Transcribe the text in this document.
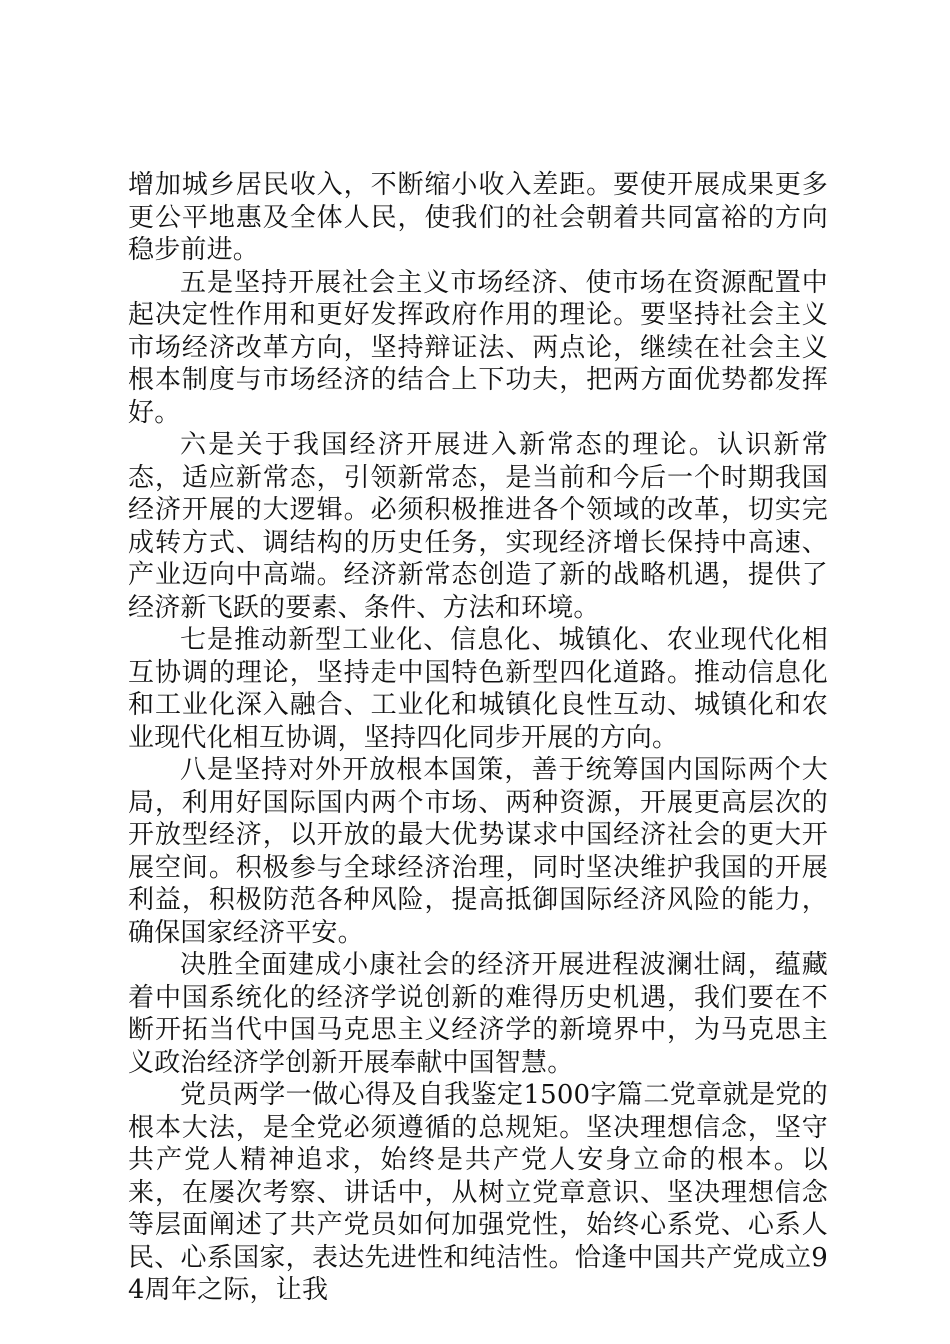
增加城乡居民收入，不断缩小收入差距。要使开展成果更多更公平地惠及全体人民，使我们的社会朝着共同富裕的方向稳步前进。

五是坚持开展社会主义市场经济、使市场在资源配置中起决定性作用和更好发挥政府作用的理论。要坚持社会主义市场经济改革方向，坚持辩证法、两点论，继续在社会主义根本制度与市场经济的结合上下功夫，把两方面优势都发挥好。

六是关于我国经济开展进入新常态的理论。认识新常态，适应新常态，引领新常态，是当前和今后一个时期我国经济开展的大逻辑。必须积极推进各个领域的改革，切实完成转方式、调结构的历史任务，实现经济增长保持中高速、产业迈向中高端。经济新常态创造了新的战略机遇，提供了经济新飞跃的要素、条件、方法和环境。

七是推动新型工业化、信息化、城镇化、农业现代化相互协调的理论，坚持走中国特色新型四化道路。推动信息化和工业化深入融合、工业化和城镇化良性互动、城镇化和农业现代化相互协调，坚持四化同步开展的方向。

八是坚持对外开放根本国策，善于统筹国内国际两个大局，利用好国际国内两个市场、两种资源，开展更高层次的开放型经济，以开放的最大优势谋求中国经济社会的更大开展空间。积极参与全球经济治理，同时坚决维护我国的开展利益，积极防范各种风险，提高抵御国际经济风险的能力，确保国家经济平安。

决胜全面建成小康社会的经济开展进程波澜壮阔，蕴藏着中国系统化的经济学说创新的难得历史机遇，我们要在不断开拓当代中国马克思主义经济学的新境界中，为马克思主义政治经济学创新开展奉献中国智慧。

党员两学一做心得及自我鉴定1500字篇二党章就是党的根本大法，是全党必须遵循的总规矩。坚决理想信念，坚守共产党人精神追求，始终是共产党人安身立命的根本。以来，在屡次考察、讲话中，从树立党章意识、坚决理想信念等层面阐述了共产党员如何加强党性，始终心系党、心系人民、心系国家，表达先进性和纯洁性。恰逢中国共产党成立94周年之际，让我
